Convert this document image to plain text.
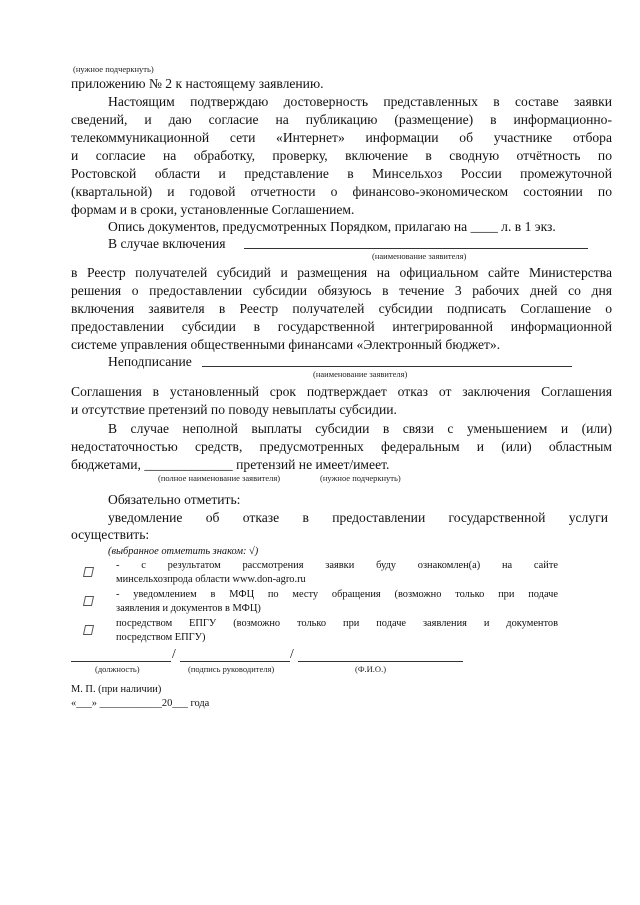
(нужное подчеркнуть)
приложению № 2 к настоящему заявлению.
Настоящим подтверждаю достоверность представленных в составе заявки
сведений, и даю согласие на публикацию (размещение) в информационно-
телекоммуникационной сети «Интернет» информации об участнике отбора
и согласие на обработку, проверку, включение в сводную отчётность по
Ростовской области и представление в Минсельхоз России промежуточной
(квартальной) и годовой отчетности о финансово-экономическом состоянии по
формам и в сроки, установленные Соглашением.
Опись документов, предусмотренных Порядком, прилагаю на ____ л. в 1 экз.
В случае включения
(наименование заявителя)
в Реестр получателей субсидий и размещения на официальном сайте Министерства
решения о предоставлении субсидии обязуюсь в течение 3 рабочих дней со дня
включения заявителя в Реестр получателей субсидии подписать Соглашение о
предоставлении субсидии в государственной интегрированной информационной
системе управления общественными финансами «Электронный бюджет».
Неподписание
(наименование заявителя)
Соглашения в установленный срок подтверждает отказ от заключения Соглашения
и отсутствие претензий по поводу невыплаты субсидии.
В случае неполной выплаты субсидии в связи с уменьшением и (или)
недостаточностью средств, предусмотренных федеральным и (или) областным
бюджетами, _____________ претензий не имеет/имеет.
(полное наименование заявителя)	(нужное подчеркнуть)
Обязательно отметить:
уведомление об отказе в предоставлении государственной услуги
осуществить:
(выбранное отметить знаком: √)
- с результатом рассмотрения заявки буду ознакомлен(а) на сайте
минсельхозпрода области www.don-agro.ru
- уведомлением в МФЦ по месту обращения (возможно только при подаче
заявления и документов в МФЦ)
посредством ЕПГУ (возможно только при подаче заявления и документов
посредством ЕПГУ)
/	/
(должность)	(подпись руководителя)	(Ф.И.О.)
М. П. (при наличии)
«___» ____________20___ года
